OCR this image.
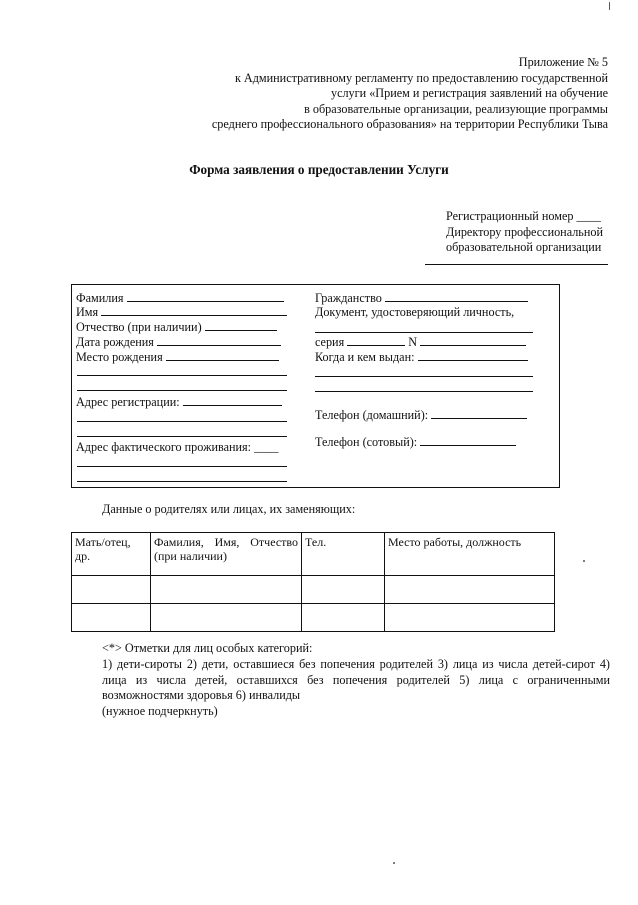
Приложение № 5
к Административному регламенту по предоставлению государственной
услуги «Прием и регистрация заявлений на обучение
в образовательные организации, реализующие программы
среднего профессионального образования» на территории Республики Тыва
Форма заявления о предоставлении Услуги
Регистрационный номер ____
Директору профессиональной
образовательной организации
Фамилия
Имя
Отчество (при наличии)
Дата рождения
Место рождения
Адрес регистрации:
Адрес фактического проживания: ____
Гражданство
Документ, удостоверяющий личность,
серия	N
Когда и кем выдан:
Телефон (домашний):
Телефон (сотовый):
Данные о родителях или лицах, их заменяющих:
Мать/отец, др.	Фамилия, Имя, Отчество (при наличии)	Тел.	Место работы, должность

--------------------------------
<*> Отметки для лиц особых категорий:
1) дети-сироты 2) дети, оставшиеся без попечения родителей 3) лица из числа детей-сирот 4) лица из числа детей, оставшихся без попечения родителей 5) лица с ограниченными возможностями здоровья 6) инвалиды
(нужное подчеркнуть)
